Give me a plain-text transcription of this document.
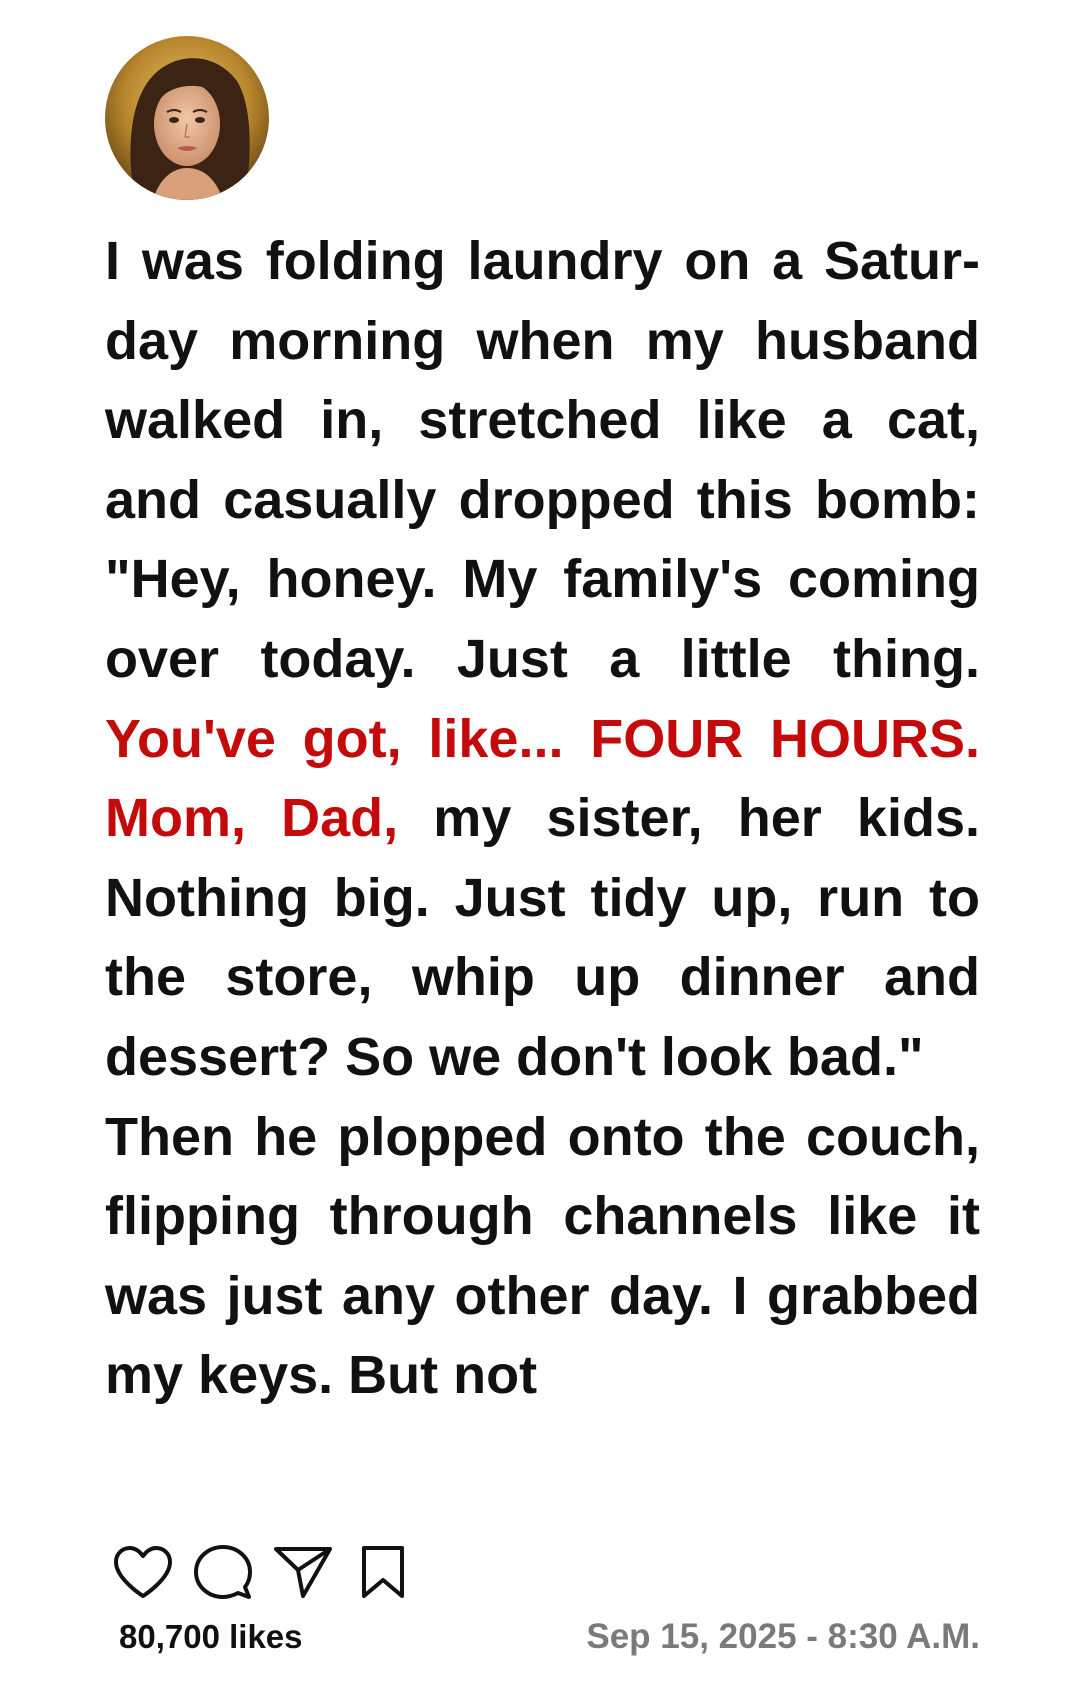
I was folding laundry on a Saturday morning when my husband walked in, stretched like a cat, and casually dropped this bomb: "Hey, honey. My family's coming over today. Just a little thing. You've got, like... FOUR HOURS. Mom, Dad, my sister, her kids. Nothing big. Just tidy up, run to the store, whip up dinner and dessert? So we don't look bad."

Then he plopped onto the couch, flipping through channels like it was just any other day. I grabbed my keys. But not

80,700 likes	Sep 15, 2025 - 8:30 A.M.
